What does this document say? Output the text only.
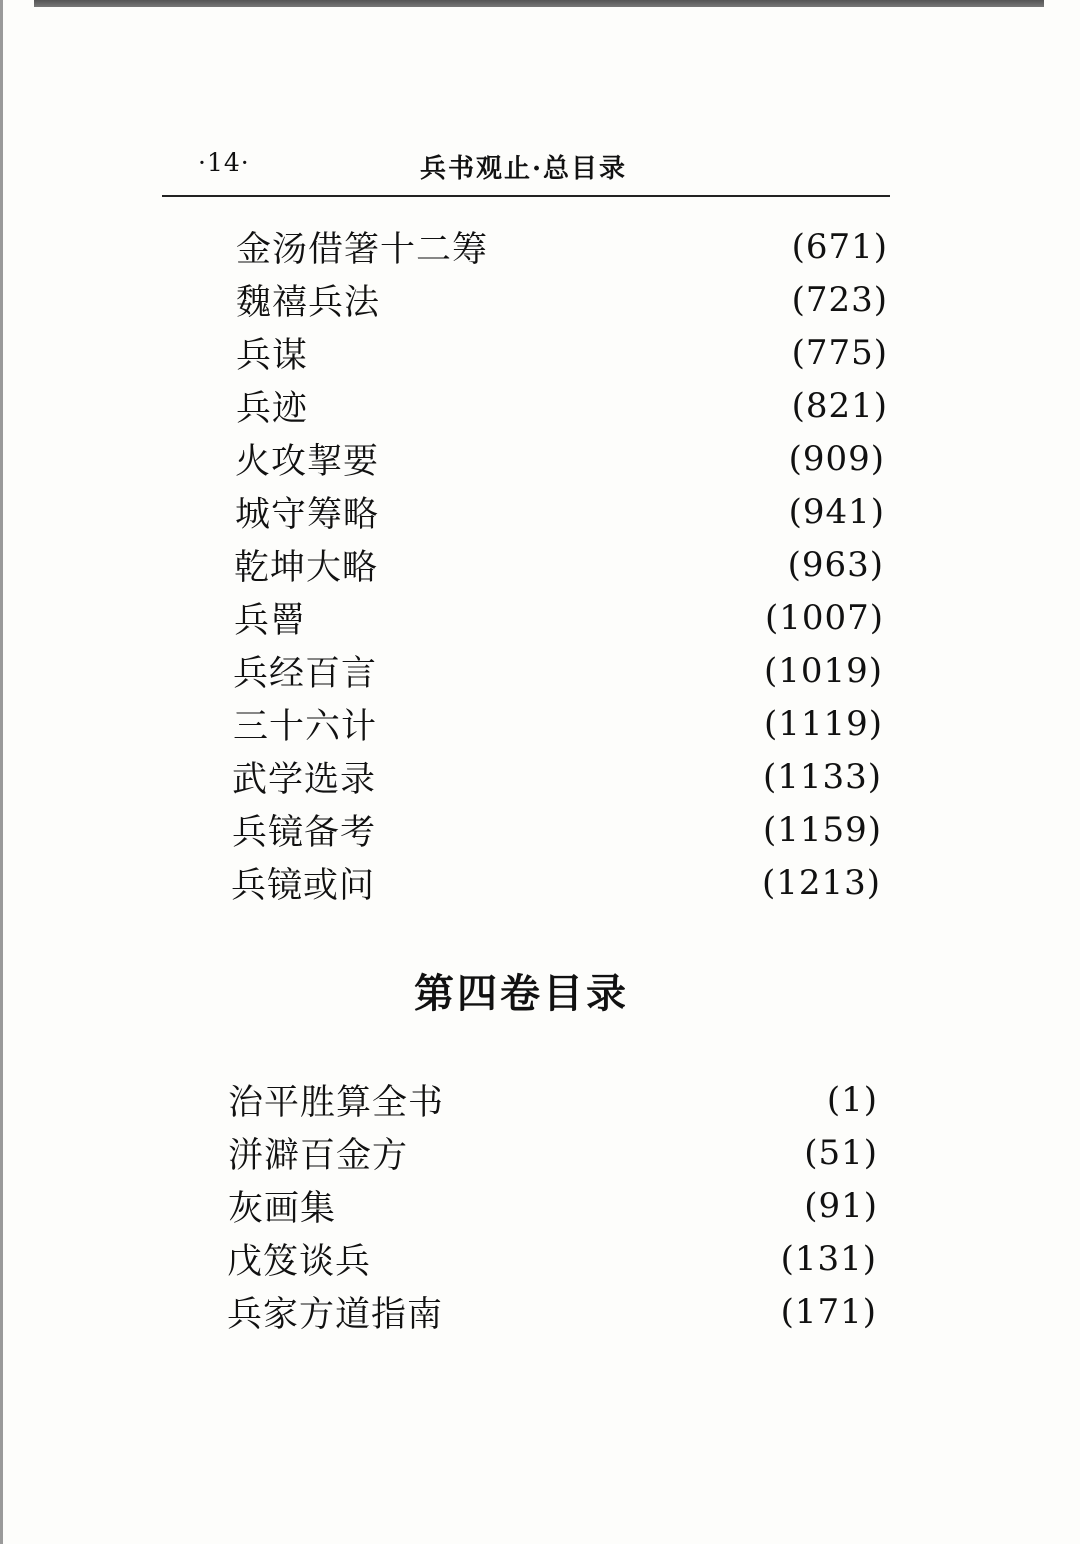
·14·	兵书观止·总目录
金汤借箸十二筹	(671)
魏禧兵法	(723)
兵谋	(775)
兵迹	(821)
火攻挈要	(909)
城守筹略	(941)
乾坤大略	(963)
兵罾	(1007)
兵经百言	(1019)
三十六计	(1119)
武学选录	(1133)
兵镜备考	(1159)
兵镜或问	(1213)
第四卷目录
治平胜算全书	(1)
洴澼百金方	(51)
灰画集	(91)
戊笈谈兵	(131)
兵家方道指南	(171)
